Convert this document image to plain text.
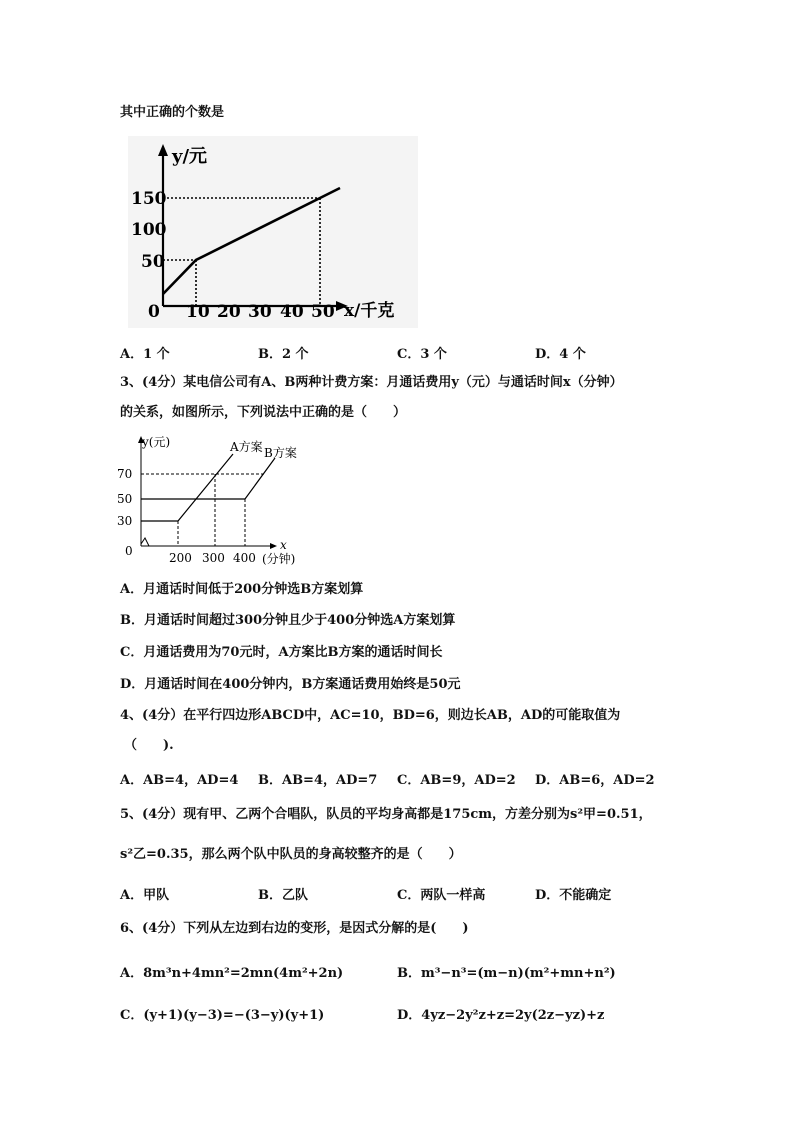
其中正确的个数是
y/元
150
100
50
0 10 20 30 40 50 x/千克
A．1 个	B．2 个	C．3 个	D．4 个
3、(4分）某电信公司有A、B两种计费方案：月通话费用y（元）与通话时间x（分钟）
的关系，如图所示，下列说法中正确的是（　　）
y(元)
70
50
30
0	200 300 400
x
(分钟)
A方案 B方案
A．月通话时间低于200分钟选B方案划算
B．月通话时间超过300分钟且少于400分钟选A方案划算
C．月通话费用为70元时，A方案比B方案的通话时间长
D．月通话时间在400分钟内，B方案通话费用始终是50元
4、(4分）在平行四边形ABCD中，AC=10，BD=6，则边长AB，AD的可能取值为
（　　).
A．AB=4，AD=4 B．AB=4，AD=7 C．AB=9，AD=2 D．AB=6，AD=2
5、(4分）现有甲、乙两个合唱队，队员的平均身高都是175cm，方差分别为s²甲=0.51，
s²乙=0.35，那么两个队中队员的身高较整齐的是（　　）
A．甲队	B．乙队	C．两队一样高	D．不能确定
6、(4分）下列从左边到右边的变形，是因式分解的是(　　)
A．8m³n+4mn²=2mn(4m²+2n)	B．m³−n³=(m−n)(m²+mn+n²)
C．(y+1)(y−3)=−(3−y)(y+1)	D．4yz−2y²z+z=2y(2z−yz)+z
